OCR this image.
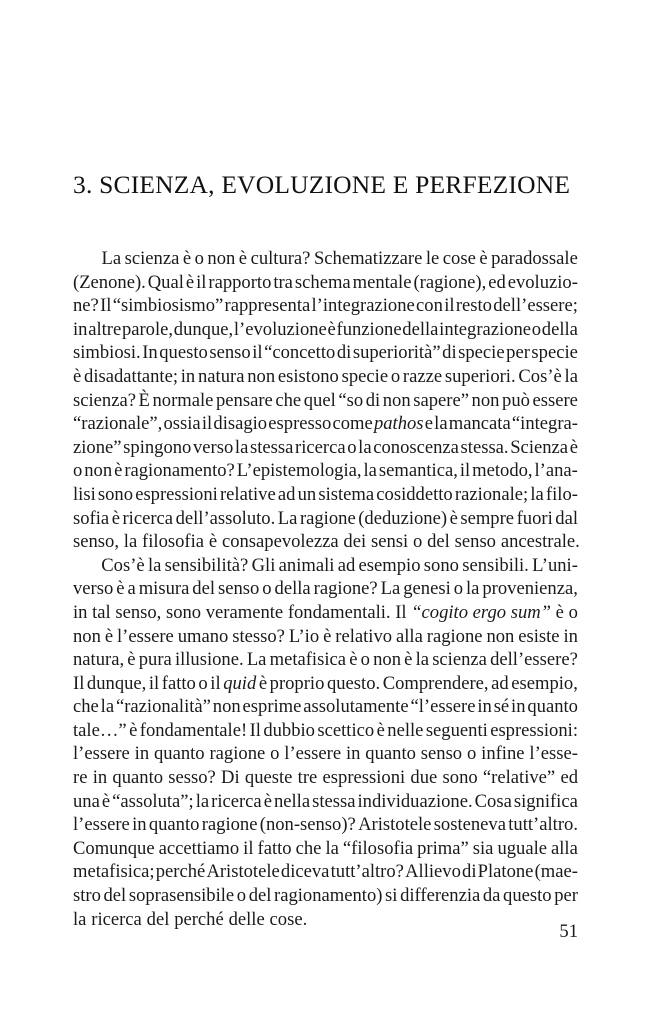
3. SCIENZA, EVOLUZIONE E PERFEZIONE
La scienza è o non è cultura? Schematizzare le cose è paradossale
(Zenone). Qual è il rapporto tra schema mentale (ragione), ed evoluzio-
ne? Il “simbiosismo” rappresenta l’integrazione con il resto dell’essere;
in altre parole, dunque, l’evoluzione è funzione della integrazione o della
simbiosi. In questo senso il “concetto di superiorità” di specie per specie
è disadattante; in natura non esistono specie o razze superiori. Cos’è la
scienza? È normale pensare che quel “so di non sapere” non può essere
“razionale”, ossia il disagio espresso come pathos e la mancata “integra-
zione” spingono verso la stessa ricerca o la conoscenza stessa. Scienza è
o non è ragionamento? L’epistemologia, la semantica, il metodo, l’ana-
lisi sono espressioni relative ad un sistema cosiddetto razionale; la filo-
sofia è ricerca dell’assoluto. La ragione (deduzione) è sempre fuori dal
senso, la filosofia è consapevolezza dei sensi o del senso ancestrale.
Cos’è la sensibilità? Gli animali ad esempio sono sensibili. L’uni-
verso è a misura del senso o della ragione? La genesi o la provenienza,
in tal senso, sono veramente fondamentali. Il “cogito ergo sum” è o
non è l’essere umano stesso? L’io è relativo alla ragione non esiste in
natura, è pura illusione. La metafisica è o non è la scienza dell’essere?
Il dunque, il fatto o il quid è proprio questo. Comprendere, ad esempio,
che la “razionalità” non esprime assolutamente “l’essere in sé in quanto
tale…” è fondamentale! Il dubbio scettico è nelle seguenti espressioni:
l’essere in quanto ragione o l’essere in quanto senso o infine l’esse-
re in quanto sesso? Di queste tre espressioni due sono “relative” ed
una è “assoluta”; la ricerca è nella stessa individuazione. Cosa significa
l’essere in quanto ragione (non-senso)? Aristotele sosteneva tutt’altro.
Comunque accettiamo il fatto che la “filosofia prima” sia uguale alla
metafisica; perché Aristotele diceva tutt’altro? Allievo di Platone (mae-
stro del soprasensibile o del ragionamento) si differenzia da questo per
la ricerca del perché delle cose.
51
